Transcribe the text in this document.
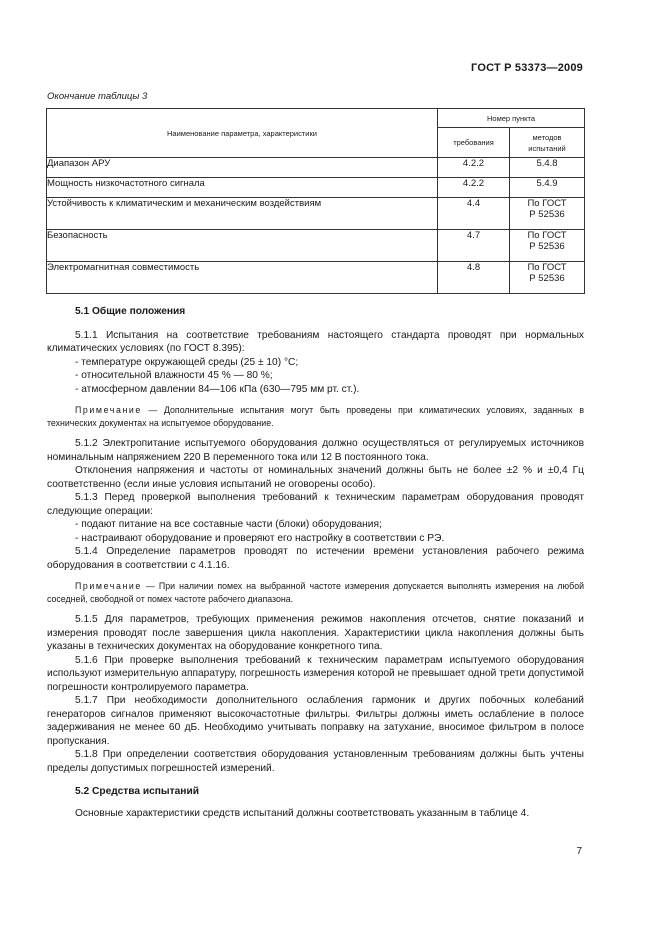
ГОСТ Р 53373—2009
Окончание таблицы 3
Наименование параметра, характеристики	Номер пункта	
	требования	методов испытаний
Диапазон АРУ	4.2.2	5.4.8
Мощность низкочастотного сигнала	4.2.2	5.4.9
Устойчивость к климатическим и механическим воздействиям	4.4	По ГОСТ
Р 52536

Безопасность	4.7	По ГОСТ
Р 52536

Электромагнитная совместимость	4.8	По ГОСТ
Р 52536

5.1 Общие положения

5.1.1 Испытания на соответствие требованиям настоящего стандарта проводят при нормальных климатических условиях (по ГОСТ 8.395):

- температуре окружающей среды (25 ± 10) °С;
- относительной влажности 45 % — 80 %;
- атмосферном давлении 84—106 кПа (630—795 мм рт. ст.).

Примечание — Дополнительные испытания могут быть проведены при климатических условиях, заданных в технических документах на испытуемое оборудование.

5.1.2 Электропитание испытуемого оборудования должно осуществляться от регулируемых источников номинальным напряжением 220 В переменного тока или 12 В постоянного тока.

Отклонения напряжения и частоты от номинальных значений должны быть не более ±2 % и ±0,4 Гц соответственно (если иные условия испытаний не оговорены особо).

5.1.3 Перед проверкой выполнения требований к техническим параметрам оборудования проводят следующие операции:

- подают питание на все составные части (блоки) оборудования;
- настраивают оборудование и проверяют его настройку в соответствии с РЭ.

5.1.4 Определение параметров проводят по истечении времени установления рабочего режима оборудования в соответствии с 4.1.16.

Примечание — При наличии помех на выбранной частоте измерения допускается выполнять измерения на любой соседней, свободной от помех частоте рабочего диапазона.

5.1.5 Для параметров, требующих применения режимов накопления отсчетов, снятие показаний и измерения проводят после завершения цикла накопления. Характеристики цикла накопления должны быть указаны в технических документах на оборудование конкретного типа.

5.1.6 При проверке выполнения требований к техническим параметрам испытуемого оборудования используют измерительную аппаратуру, погрешность измерения которой не превышает одной трети допустимой погрешности контролируемого параметра.

5.1.7 При необходимости дополнительного ослабления гармоник и других побочных колебаний генераторов сигналов применяют высокочастотные фильтры. Фильтры должны иметь ослабление в полосе задерживания не менее 60 дБ. Необходимо учитывать поправку на затухание, вносимое фильтром в полосе пропускания.

5.1.8 При определении соответствия оборудования установленным требованиям должны быть учтены пределы допустимых погрешностей измерений.

5.2 Средства испытаний

Основные характеристики средств испытаний должны соответствовать указанным в таблице 4.

7
